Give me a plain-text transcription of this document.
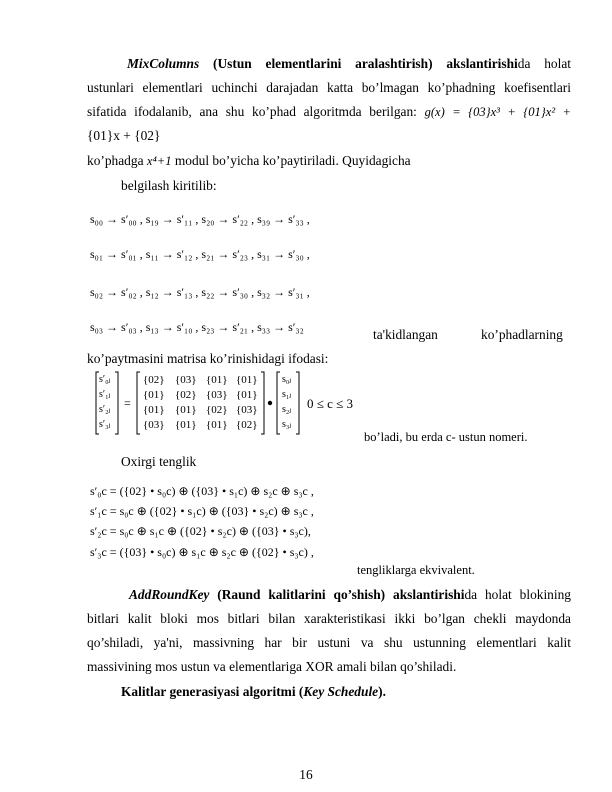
MixColumns (Ustun elementlarini aralashtirish) akslantirishida holat
ustunlari elementlari uchinchi darajadan katta bo’lmagan ko’phadning koefisentlari
sifatida ifodalanib, ana shu ko’phad algoritmda berilgan: g(x) = {03}x³ + {01}x² +
{01}x + {02}
ko’phadga x⁴+1 modul bo’yicha ko’paytiriladi. Quyidagicha
belgilash kiritilib:
s₀₀ → s′₀₀ , s₁₉ → s′₁₁ , s₂₀ → s′₂₂ , s₃₉ → s′₃₃ ,
s₀₁ → s′₀₁ , s₁₁ → s′₁₂ , s₂₁ → s′₂₃ , s₃₁ → s′₃₀ ,
s₀₂ → s′₀₂ , s₁₂ → s′₁₃ , s₂₂ → s′₃₀ , s₃₂ → s′₃₁ ,
s₀₃ → s′₀₃ , s₁₃ → s′₁₀ , s₂₃ → s′₂₁ , s₃₃ → s′₃₂	ta'kidlangan	ko’phadlarning
ko’paytmasini matrisa ko’rinishidagi ifodasi:
=
s′₀ⱼ
s′₁ⱼ
s′₂ⱼ
s′₃ⱼ
{02} {03} {01} {01}
{01} {02} {03} {01}
{01} {01} {02} {03}
{03} {01} {01} {02}
s₀ⱼ
s₁ⱼ
s₂ⱼ
s₃ⱼ
0 ≤ c ≤ 3
bo’ladi, bu erda c- ustun nomeri.
Oxirgi tenglik
s′₀c = ({02} • s₀c) ⊕ ({03} • s₁c) ⊕ s₂c ⊕ s₃c ,
s′₁c = s₀c ⊕ ({02} • s₁c) ⊕ ({03} • s₂c) ⊕ s₃c ,
s′₂c = s₀c ⊕ s₁c ⊕ ({02} • s₂c) ⊕ ({03} • s₃c),
s′₃c = ({03} • s₀c) ⊕ s₁c ⊕ s₂c ⊕ ({02} • s₃c) ,
tengliklarga ekvivalent.
AddRoundKey (Raund kalitlarini qo’shish) akslantirishida holat blokining
bitlari kalit bloki mos bitlari bilan xarakteristikasi ikki bo’lgan chekli maydonda
qo’shiladi, ya'ni, massivning har bir ustuni va shu ustunning elementlari kalit
massivining mos ustun va elementlariga XOR amali bilan qo’shiladi.
Kalitlar generasiyasi algoritmi (Key Schedule).
16
